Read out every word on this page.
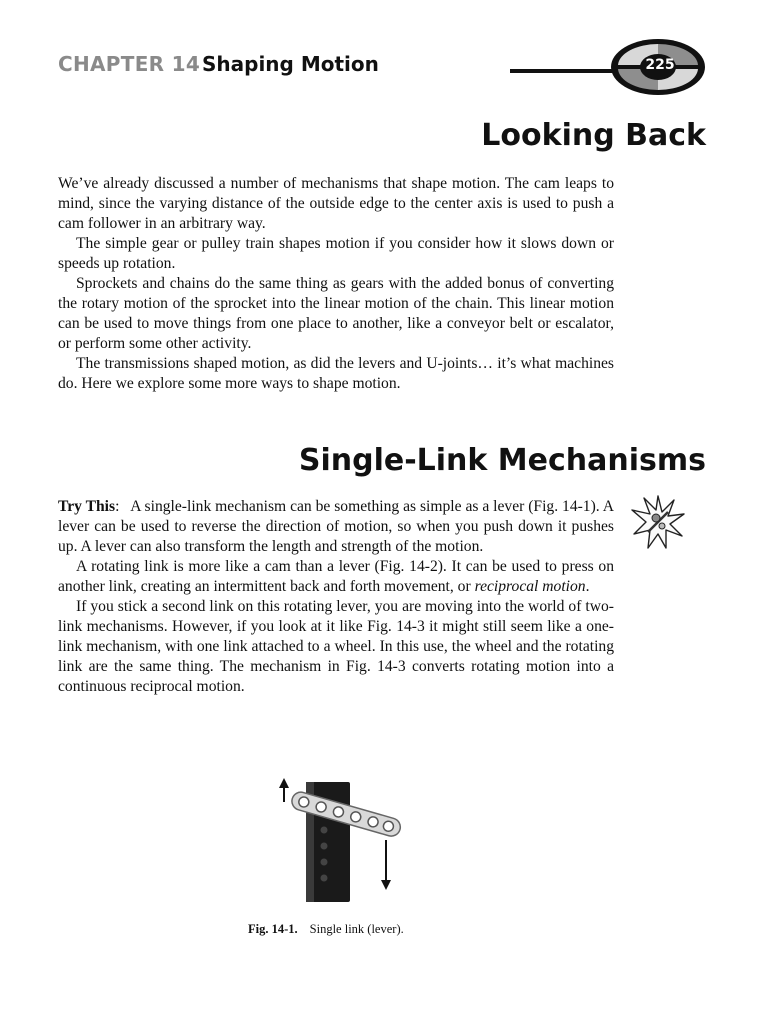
CHAPTER 14 Shaping Motion	225
Looking Back

We’ve already discussed a number of mechanisms that shape motion. The cam leaps to mind, since the varying distance of the outside edge to the center axis is used to push a cam follower in an arbitrary way.

The simple gear or pulley train shapes motion if you consider how it slows down or speeds up rotation.

Sprockets and chains do the same thing as gears with the added bonus of converting the rotary motion of the sprocket into the linear motion of the chain. This linear motion can be used to move things from one place to another, like a conveyor belt or escalator, or perform some other activity.

The transmissions shaped motion, as did the levers and U-joints… it’s what machines do. Here we explore some more ways to shape motion.

Single-Link Mechanisms

Try This: A single-link mechanism can be something as simple as a lever (Fig. 14-1). A lever can be used to reverse the direction of motion, so when you push down it pushes up. A lever can also transform the length and strength of the motion.

A rotating link is more like a cam than a lever (Fig. 14-2). It can be used to press on another link, creating an intermittent back and forth movement, or reciprocal motion.

If you stick a second link on this rotating lever, you are moving into the world of two-link mechanisms. However, if you look at it like Fig. 14-3 it might still seem like a one-link mechanism, with one link attached to a wheel. In this use, the wheel and the rotating link are the same thing. The mechanism in Fig. 14-3 converts rotating motion into a continuous reciprocal motion.

Fig. 14-1. Single link (lever).
